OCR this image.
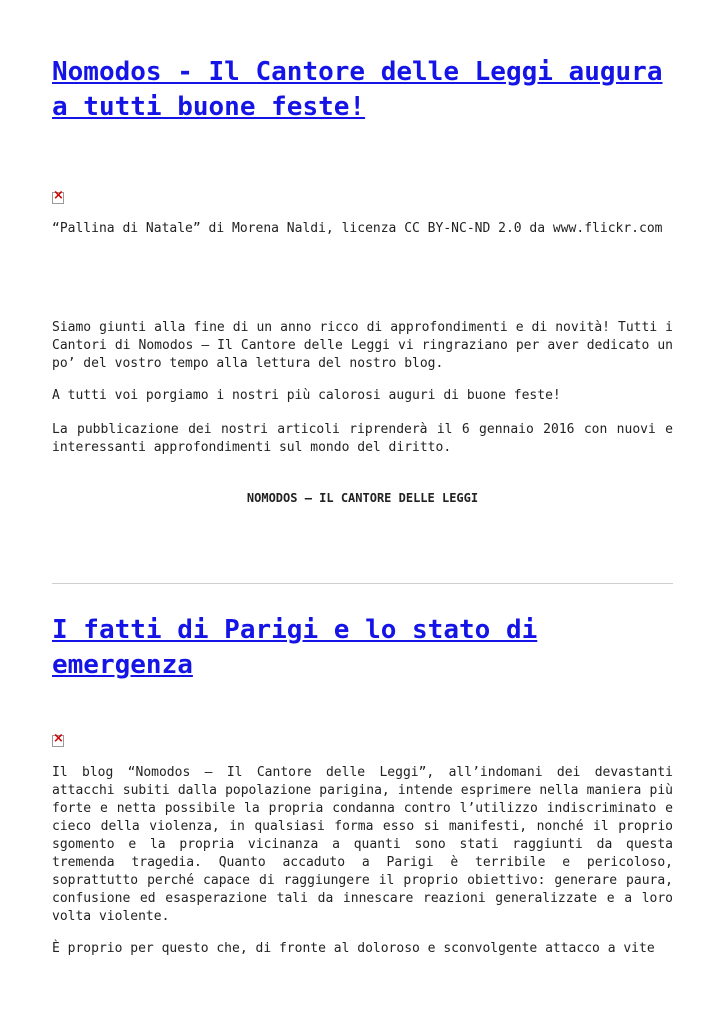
Nomodos - Il Cantore delle Leggi augura a tutti buone feste!
×

“Pallina di Natale” di Morena Naldi, licenza CC BY-NC-ND 2.0 da www.flickr.com

Siamo giunti alla fine di un anno ricco di approfondimenti e di novità! Tutti i Cantori di Nomodos – Il Cantore delle Leggi vi ringraziano per aver dedicato un po’ del vostro tempo alla lettura del nostro blog.

A tutti voi porgiamo i nostri più calorosi auguri di buone feste!

La pubblicazione dei nostri articoli riprenderà il 6 gennaio 2016 con nuovi e interessanti approfondimenti sul mondo del diritto.

NOMODOS – IL CANTORE DELLE LEGGI

I fatti di Parigi e lo stato di emergenza
×

Il blog “Nomodos – Il Cantore delle Leggi”, all’indomani dei devastanti attacchi subiti dalla popolazione parigina, intende esprimere nella maniera più forte e netta possibile la propria condanna contro l’utilizzo indiscriminato e cieco della violenza, in qualsiasi forma esso si manifesti, nonché il proprio sgomento e la propria vicinanza a quanti sono stati raggiunti da questa tremenda tragedia. Quanto accaduto a Parigi è terribile e pericoloso, soprattutto perché capace di raggiungere il proprio obiettivo: generare paura, confusione ed esasperazione tali da innescare reazioni generalizzate e a loro volta violente.

È proprio per questo che, di fronte al doloroso e sconvolgente attacco a vite
